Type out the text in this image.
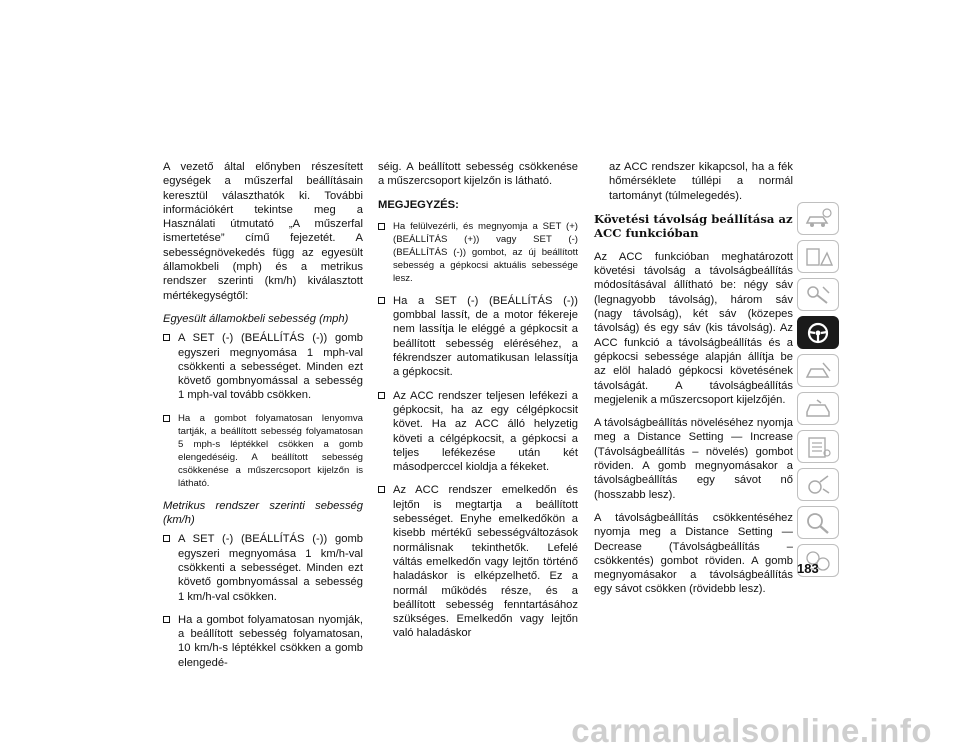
A vezető által előnyben részesített egységek a műszerfal beállításain keresztül választhatók ki. További információkért tekintse meg a Használati útmutató „A műszerfal ismertetése” című fejezetét. A sebességnövekedés függ az egyesült államokbeli (mph) és a metrikus rendszer szerinti (km/h) kiválasztott mértékegységtől:

Egyesült államokbeli sebesség (mph)

A SET (-) (BEÁLLÍTÁS (-)) gomb egyszeri megnyomása 1 mph-val csökkenti a sebességet. Minden ezt követő gombnyomással a sebesség 1 mph-val tovább csökken.
Ha a gombot folyamatosan lenyomva tartják, a beállított sebesség folyamatosan 5 mph-s léptékkel csökken a gomb elengedéséig. A beállított sebesség csökkenése a műszercsoport kijelzőn is látható.

Metrikus rendszer szerinti sebesség (km/h)

A SET (-) (BEÁLLÍTÁS (-)) gomb egyszeri megnyomása 1 km/h-val csökkenti a sebességet. Minden ezt követő gombnyomással a sebesség 1 km/h-val csökken.
Ha a gombot folyamatosan nyomják, a beállított sebesség folyamatosan, 10 km/h-s léptékkel csökken a gomb elengedé-

séig. A beállított sebesség csökkenése a műszercsoport kijelzőn is látható.

MEGJEGYZÉS:

Ha felülvezérli, és megnyomja a SET (+) (BEÁLLÍTÁS (+)) vagy SET (-) (BEÁLLÍTÁS (-)) gombot, az új beállított sebesség a gépkocsi aktuális sebessége lesz.
Ha a SET (-) (BEÁLLÍTÁS (-)) gombbal lassít, de a motor fékereje nem lassítja le eléggé a gépkocsit a beállított sebesség eléréséhez, a fékrendszer automatikusan lelassítja a gépkocsit.
Az ACC rendszer teljesen lefékezi a gépkocsit, ha az egy célgépkocsit követ. Ha az ACC álló helyzetig követi a célgépkocsit, a gépkocsi a teljes lefékezése után két másodperccel kioldja a fékeket.
Az ACC rendszer emelkedőn és lejtőn is megtartja a beállított sebességet. Enyhe emelkedőkön a kisebb mértékű sebességváltozások normálisnak tekinthetők. Lefelé váltás emelkedőn vagy lejtőn történő haladáskor is elképzelhető. Ez a normál működés része, és a beállított sebesség fenntartásához szükséges. Emelkedőn vagy lejtőn való haladáskor

az ACC rendszer kikapcsol, ha a fék hőmérséklete túllépi a normál tartományt (túlmelegedés).

Követési távolság beállítása az ACC funkcióban

Az ACC funkcióban meghatározott követési távolság a távolságbeállítás módosításával állítható be: négy sáv (legnagyobb távolság), három sáv (nagy távolság), két sáv (közepes távolság) és egy sáv (kis távolság). Az ACC funkció a távolságbeállítás és a gépkocsi sebessége alapján állítja be az elöl haladó gépkocsi követésének távolságát. A távolságbeállítás megjelenik a műszercsoport kijelzőjén.

A távolságbeállítás növeléséhez nyomja meg a Distance Setting — Increase (Távolságbeállítás – növelés) gombot röviden. A gomb megnyomásakor a távolságbeállítás egy sávot nő (hosszabb lesz).

A távolságbeállítás csökkentéséhez nyomja meg a Distance Setting — Decrease (Távolságbeállítás – csökkentés) gombot röviden. A gomb megnyomásakor a távolságbeállítás egy sávot csökken (rövidebb lesz).

183
carmanualsonline.info
